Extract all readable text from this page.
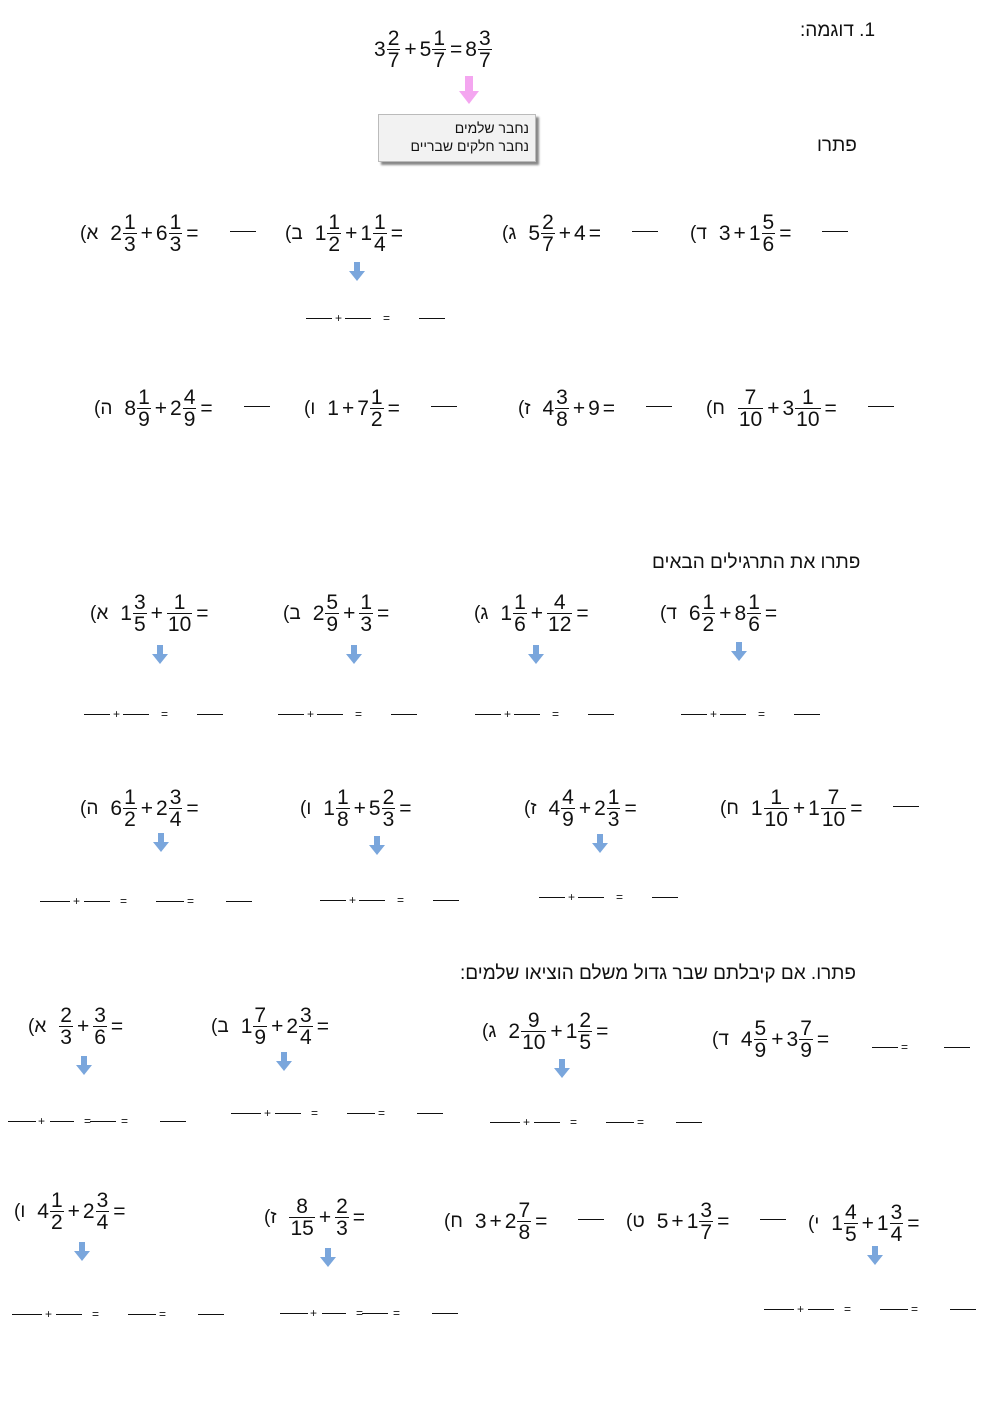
1. דוגמה:
$3 \frac{2}{7} + 5 \frac{1}{7} = 8 \frac{3}{7}$
נחבר שלמים
נחבר חלקים שבריים	פתרו
א) $2 \frac{1}{3} + 6 \frac{1}{3}$ =	ב) $1 \frac{1}{2} + 1 \frac{1}{4}$ =	ג) $5 \frac{2}{7} + 4$ =	ד) $3 + 1 \frac{5}{6}$ =
+	=
ה) $8 \frac{1}{9} + 2 \frac{4}{9}$ =	ו) $1 + 7 \frac{1}{2}$ =	ז) $4 \frac{3}{8} + 9$ =	ח) $\frac{7}{10} + 3 \frac{1}{10}$ =
פתרו את התרגילים הבאים
א) $1 \frac{3}{5} + \frac{1}{10}$ =	ב) $2 \frac{5}{9} + \frac{1}{3}$ =	ג) $1 \frac{1}{6} + \frac{4}{12}$ =	ד) $6 \frac{1}{2} + 8 \frac{1}{6}$ =
+	=	+	=	+	=	+	=
ה) $6 \frac{1}{2} + 2 \frac{3}{4}$ =	ו) $1 \frac{1}{8} + 5 \frac{2}{3}$ =	ז) $4 \frac{4}{9} + 2 \frac{1}{3}$ =	ח) $1 \frac{1}{10} + 1 \frac{7}{10}$ =
+	=	=	+	=	+	=
פתרו. אם קיבלתם שבר גדול משלם הוציאו שלמים:
א) $\frac{2}{3} + \frac{3}{6}$ =	ב) $1 \frac{7}{9} + 2 \frac{3}{4}$ =	ג) $2 \frac{9}{10} + 1 \frac{2}{5}$ =	ד) $4 \frac{5}{9} + 3 \frac{7}{9}$ =	=
+	= =
+	=	=
+	=	=
ו) $4 \frac{1}{2} + 2 \frac{3}{4}$ =	ז) $\frac{8}{15} + \frac{2}{3}$ =	ח) $3 + 2 \frac{7}{8}$ =	ט) $5 + 1 \frac{3}{7}$ =	י) $1 \frac{4}{5} + 1 \frac{3}{4}$ =
+	=	=	+	= =	+	=	=
